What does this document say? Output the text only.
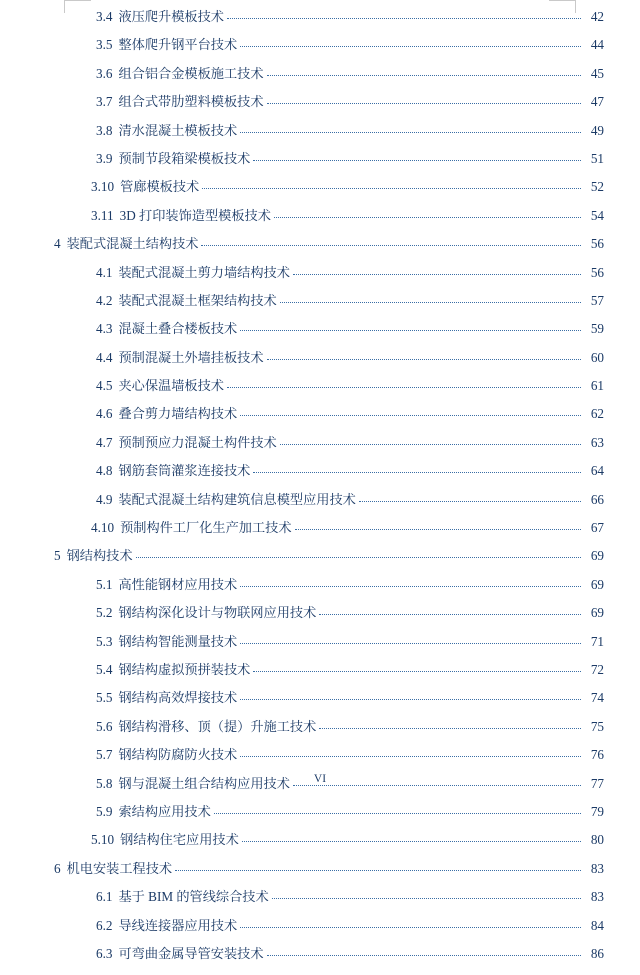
3.4 液压爬升模板技术	42
3.5 整体爬升钢平台技术	44
3.6 组合铝合金模板施工技术	45
3.7 组合式带肋塑料模板技术	47
3.8 清水混凝土模板技术	49
3.9 预制节段箱梁模板技术	51
3.10 管廊模板技术	52
3.11 3D 打印装饰造型模板技术	54
4 装配式混凝土结构技术	56
4.1 装配式混凝土剪力墙结构技术	56
4.2 装配式混凝土框架结构技术	57
4.3 混凝土叠合楼板技术	59
4.4 预制混凝土外墙挂板技术	60
4.5 夹心保温墙板技术	61
4.6 叠合剪力墙结构技术	62
4.7 预制预应力混凝土构件技术	63
4.8 钢筋套筒灌浆连接技术	64
4.9 装配式混凝土结构建筑信息模型应用技术	66
4.10 预制构件工厂化生产加工技术	67
5 钢结构技术	69
5.1 高性能钢材应用技术	69
5.2 钢结构深化设计与物联网应用技术	69
5.3 钢结构智能测量技术	71
5.4 钢结构虚拟预拼装技术	72
5.5 钢结构高效焊接技术	74
5.6 钢结构滑移、顶（提）升施工技术	75
5.7 钢结构防腐防火技术	76
5.8 钢与混凝土组合结构应用技术	77
5.9 索结构应用技术	79
5.10 钢结构住宅应用技术	80
6 机电安装工程技术	83
6.1 基于 BIM 的管线综合技术	83
6.2 导线连接器应用技术	84
6.3 可弯曲金属导管安装技术	86
VI
